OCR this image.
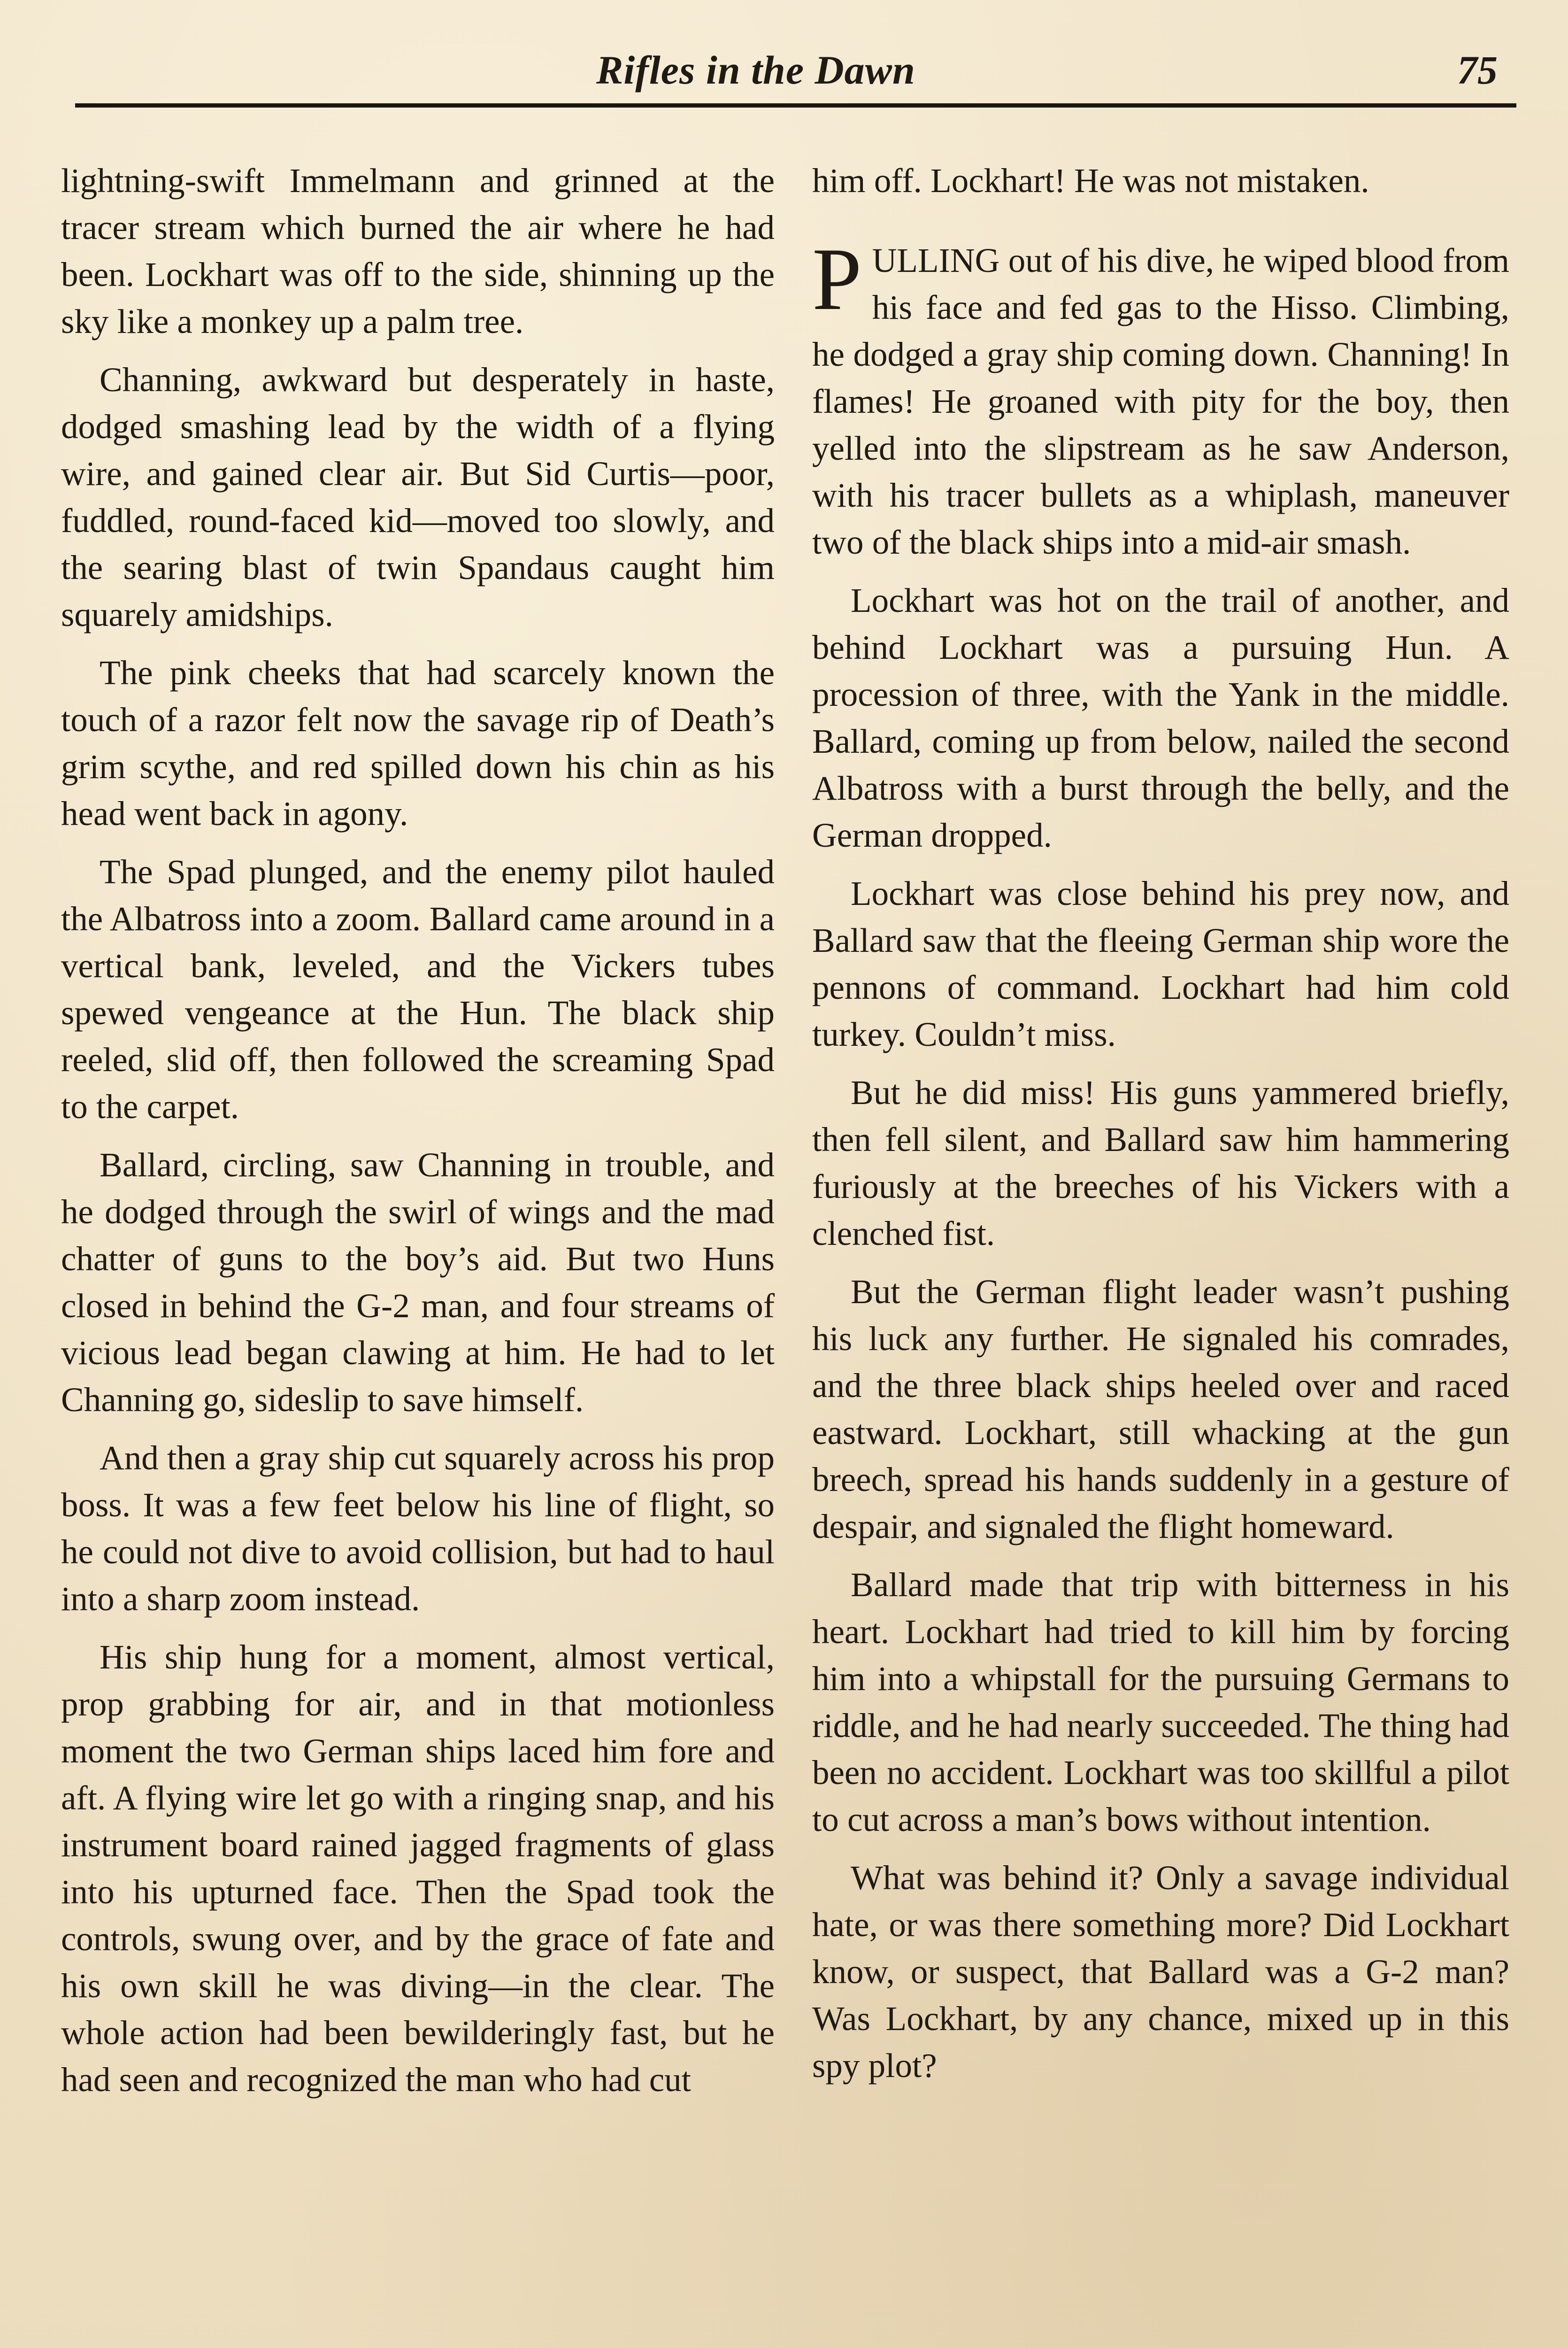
Rifles in the Dawn	75

lightning-swift Immelmann and grinned at the tracer stream which burned the air where he had been. Lockhart was off to the side, shinning up the sky like a monkey up a palm tree.

Channing, awkward but desperately in haste, dodged smashing lead by the width of a flying wire, and gained clear air. But Sid Curtis—poor, fuddled, round-faced kid—moved too slowly, and the searing blast of twin Spandaus caught him squarely amidships.

The pink cheeks that had scarcely known the touch of a razor felt now the savage rip of Death’s grim scythe, and red spilled down his chin as his head went back in agony.

The Spad plunged, and the enemy pilot hauled the Albatross into a zoom. Ballard came around in a vertical bank, leveled, and the Vickers tubes spewed vengeance at the Hun. The black ship reeled, slid off, then followed the screaming Spad to the carpet.

Ballard, circling, saw Channing in trouble, and he dodged through the swirl of wings and the mad chatter of guns to the boy’s aid. But two Huns closed in behind the G-2 man, and four streams of vicious lead began clawing at him. He had to let Channing go, sideslip to save himself.

And then a gray ship cut squarely across his prop boss. It was a few feet below his line of flight, so he could not dive to avoid collision, but had to haul into a sharp zoom instead.

His ship hung for a moment, almost vertical, prop grabbing for air, and in that motionless moment the two German ships laced him fore and aft. A flying wire let go with a ringing snap, and his instrument board rained jagged fragments of glass into his upturned face. Then the Spad took the controls, swung over, and by the grace of fate and his own skill he was diving—in the clear. The whole action had been bewilderingly fast, but he had seen and recognized the man who had cut

him off. Lockhart! He was not mistaken.

PULLING out of his dive, he wiped blood from his face and fed gas to the Hisso. Climbing, he dodged a gray ship coming down. Channing! In flames! He groaned with pity for the boy, then yelled into the slipstream as he saw Anderson, with his tracer bullets as a whiplash, maneuver two of the black ships into a mid-air smash.

Lockhart was hot on the trail of another, and behind Lockhart was a pursuing Hun. A procession of three, with the Yank in the middle. Ballard, coming up from below, nailed the second Albatross with a burst through the belly, and the German dropped.

Lockhart was close behind his prey now, and Ballard saw that the fleeing German ship wore the pennons of command. Lockhart had him cold turkey. Couldn’t miss.

But he did miss! His guns yammered briefly, then fell silent, and Ballard saw him hammering furiously at the breeches of his Vickers with a clenched fist.

But the German flight leader wasn’t pushing his luck any further. He signaled his comrades, and the three black ships heeled over and raced eastward. Lockhart, still whacking at the gun breech, spread his hands suddenly in a gesture of despair, and signaled the flight homeward.

Ballard made that trip with bitterness in his heart. Lockhart had tried to kill him by forcing him into a whipstall for the pursuing Germans to riddle, and he had nearly succeeded. The thing had been no accident. Lockhart was too skillful a pilot to cut across a man’s bows without intention.

What was behind it? Only a savage individual hate, or was there something more? Did Lockhart know, or suspect, that Ballard was a G-2 man? Was Lockhart, by any chance, mixed up in this spy plot?
